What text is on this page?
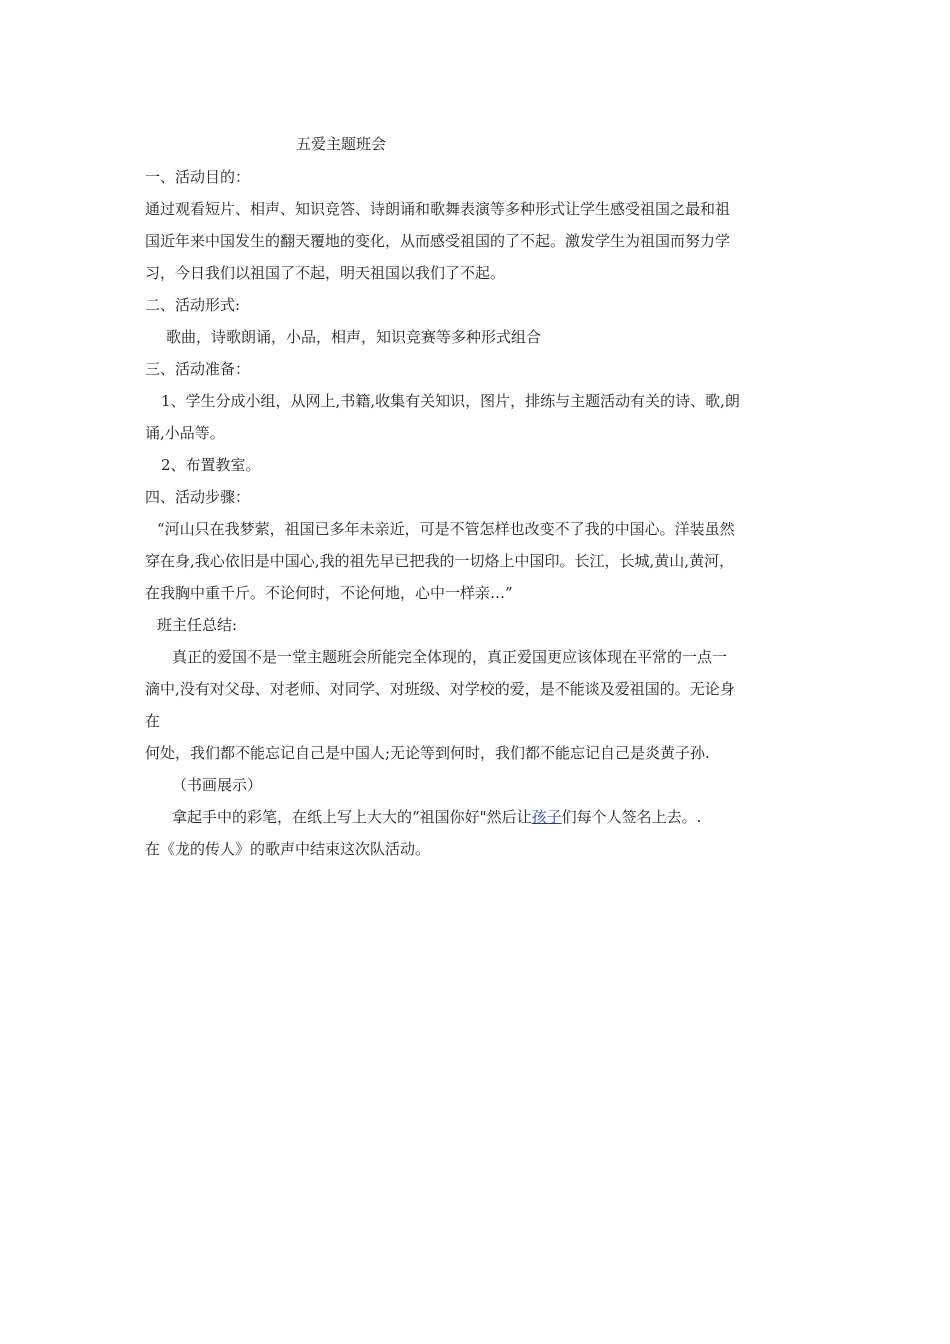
五爱主题班会
一、活动目的：
通过观看短片、相声、知识竞答、诗朗诵和歌舞表演等多种形式让学生感受祖国之最和祖
国近年来中国发生的翻天覆地的变化，从而感受祖国的了不起。激发学生为祖国而努力学
习，今日我们以祖国了不起，明天祖国以我们了不起。
二、活动形式:
歌曲，诗歌朗诵，小品，相声，知识竞赛等多种形式组合
三、活动准备：
1、学生分成小组，从网上,书籍,收集有关知识，图片，排练与主题活动有关的诗、歌,朗
诵,小品等。
2、布置教室。
四、活动步骤：
“河山只在我梦萦，祖国已多年未亲近，可是不管怎样也改变不了我的中国心。洋装虽然
穿在身,我心依旧是中国心,我的祖先早已把我的一切烙上中国印。长江，长城,黄山,黄河，
在我胸中重千斤。不论何时，不论何地，心中一样亲…”
班主任总结:
真正的爱国不是一堂主题班会所能完全体现的，真正爱国更应该体现在平常的一点一
滴中,没有对父母、对老师、对同学、对班级、对学校的爱，是不能谈及爱祖国的。无论身
在
何处，我们都不能忘记自己是中国人;无论等到何时，我们都不能忘记自己是炎黄子孙.
（书画展示）
拿起手中的彩笔，在纸上写上大大的“祖国你好"然后让孩子们每个人签名上去。.
在《龙的传人》的歌声中结束这次队活动。
